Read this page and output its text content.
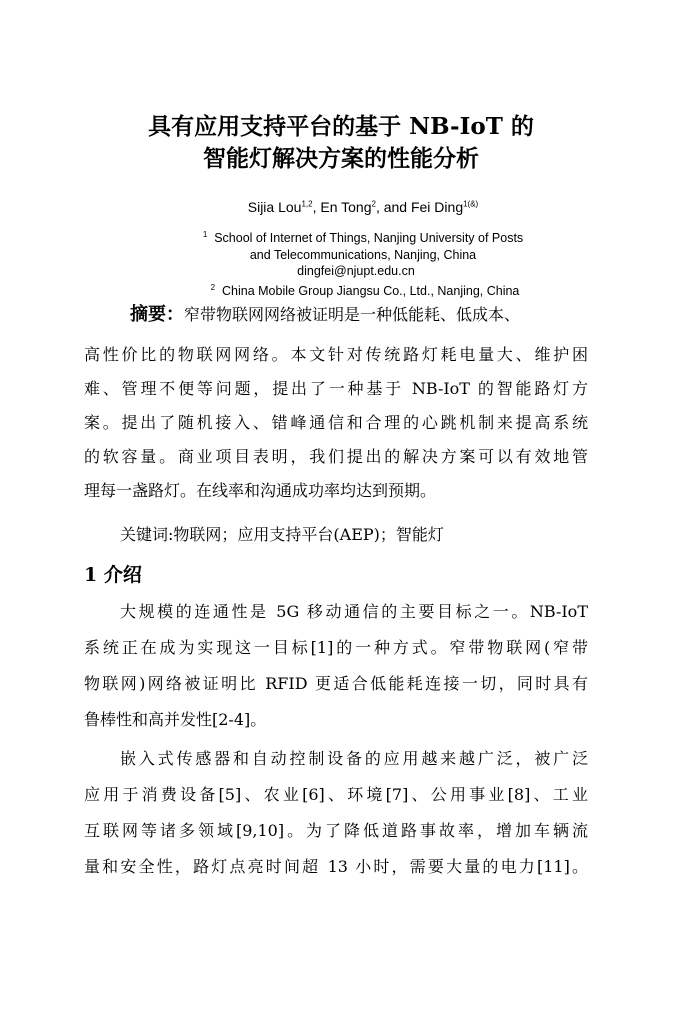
具有应用支持平台的基于 NB-IoT 的
智能灯解决方案的性能分析
Sijia Lou$^{1,2}$, En Tong$^2$, and Fei Ding$^{1(\&)}$
$^1$ School of Internet of Things, Nanjing University of Posts
and Telecommunications, Nanjing, China
dingfei@njupt.edu.cn
$^2$ China Mobile Group Jiangsu Co., Ltd., Nanjing, China
摘要：窄带物联网网络被证明是一种低能耗、低成本、
高性价比的物联网网络。本文针对传统路灯耗电量大、维护困
难、管理不便等问题，提出了一种基于 NB-IoT 的智能路灯方
案。提出了随机接入、错峰通信和合理的心跳机制来提高系统
的软容量。商业项目表明，我们提出的解决方案可以有效地管
理每一盏路灯。在线率和沟通成功率均达到预期。
关键词:物联网；应用支持平台(AEP)；智能灯
1 介绍
大规模的连通性是 5G 移动通信的主要目标之一。NB-IoT
系统正在成为实现这一目标[1]的一种方式。窄带物联网(窄带
物联网)网络被证明比 RFID 更适合低能耗连接一切，同时具有
鲁棒性和高并发性[2-4]。
嵌入式传感器和自动控制设备的应用越来越广泛，被广泛
应用于消费设备[5]、农业[6]、环境[7]、公用事业[8]、工业
互联网等诸多领域[9,10]。为了降低道路事故率，增加车辆流
量和安全性，路灯点亮时间超 13 小时，需要大量的电力[11]。
